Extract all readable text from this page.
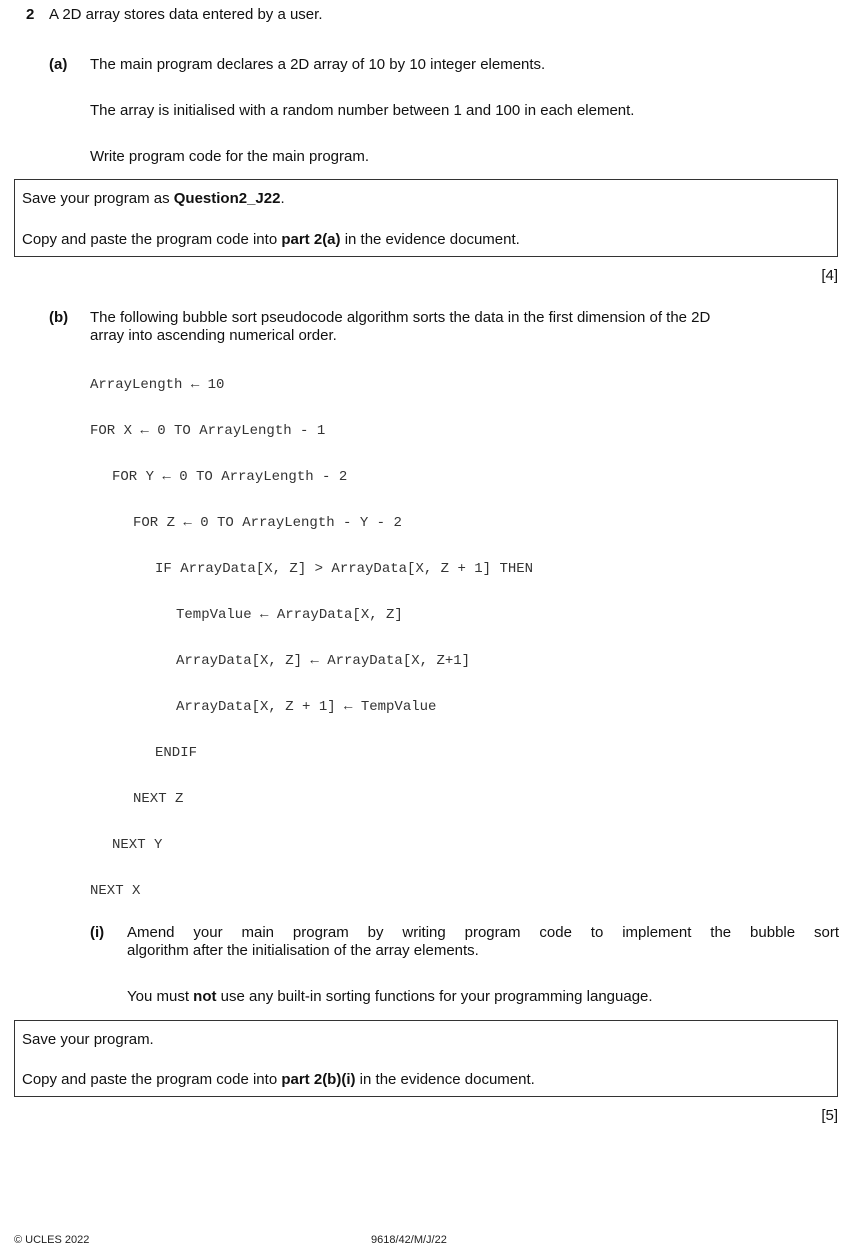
2 A 2D array stores data entered by a user.
(a) The main program declares a 2D array of 10 by 10 integer elements.
The array is initialised with a random number between 1 and 100 in each element.
Write program code for the main program.
Save your program as Question2_J22.
Copy and paste the program code into part 2(a) in the evidence document.
[4]
(b) The following bubble sort pseudocode algorithm sorts the data in the first dimension of the 2D
array into ascending numerical order.
ArrayLength ← 10
FOR X ← 0 TO ArrayLength - 1
FOR Y ← 0 TO ArrayLength - 2
FOR Z ← 0 TO ArrayLength - Y - 2
IF ArrayData[X, Z] > ArrayData[X, Z + 1] THEN
TempValue ← ArrayData[X, Z]
ArrayData[X, Z] ← ArrayData[X, Z+1]
ArrayData[X, Z + 1] ← TempValue
ENDIF
NEXT Z
NEXT Y
NEXT X
(i) Amend your main program by writing program code to implement the bubble sort
algorithm after the initialisation of the array elements.
You must not use any built-in sorting functions for your programming language.
Save your program.
Copy and paste the program code into part 2(b)(i) in the evidence document.
[5]
© UCLES 2022	9618/42/M/J/22
